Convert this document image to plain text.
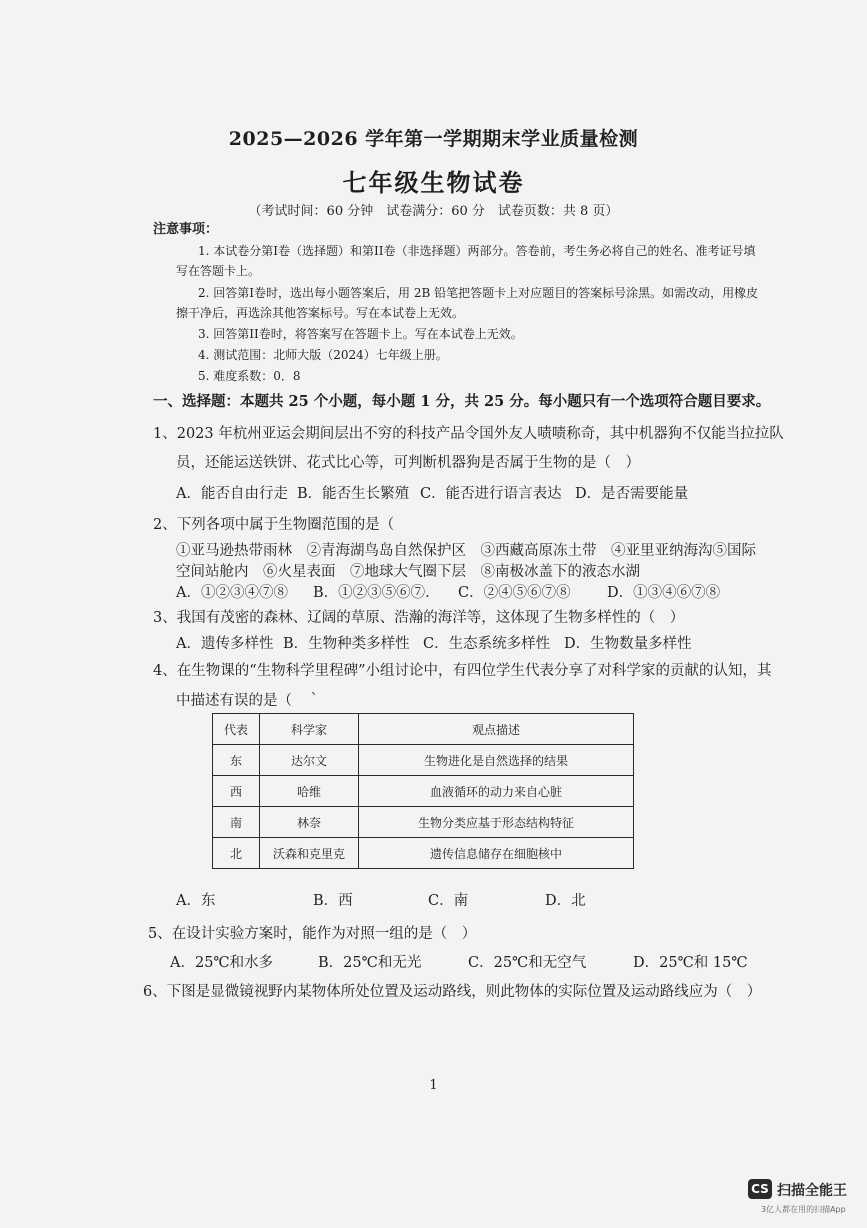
2025—2026 学年第一学期期末学业质量检测
七年级生物试卷
（考试时间：60 分钟　试卷满分：60 分　试卷页数：共 8 页）
注意事项：
1. 本试卷分第I卷（选择题）和第II卷（非选择题）两部分。答卷前，考生务必将自己的姓名、准考证号填
写在答题卡上。
2. 回答第I卷时，选出每小题答案后，用 2B 铅笔把答题卡上对应题目的答案标号涂黑。如需改动，用橡皮
擦干净后，再选涂其他答案标号。写在本试卷上无效。
3. 回答第II卷时，将答案写在答题卡上。写在本试卷上无效。
4. 测试范围：北师大版（2024）七年级上册。
5. 难度系数：0．8
一、选择题：本题共 25 个小题，每小题 1 分，共 25 分。每小题只有一个选项符合题目要求。
1、2023 年杭州亚运会期间层出不穷的科技产品令国外友人啧啧称奇，其中机器狗不仅能当拉拉队
员，还能运送铁饼、花式比心等，可判断机器狗是否属于生物的是（　）
A．能否自由行走 B．能否生长繁殖 C．能否进行语言表达 D．是否需要能量
2、下列各项中属于生物圈范围的是（
①亚马逊热带雨林　②青海湖鸟岛自然保护区　③西藏高原冻土带　④亚里亚纳海沟⑤国际
空间站舱内　⑥火星表面　⑦地球大气圈下层　⑧南极冰盖下的液态水湖
A．①②③④⑦⑧ B．①②③⑤⑥⑦． C．②④⑤⑥⑦⑧	D．①③④⑥⑦⑧
3、我国有茂密的森林、辽阔的草原、浩瀚的海洋等，这体现了生物多样性的（　）
A．遗传多样性 B．生物种类多样性 C．生态系统多样性 D．生物数量多样性
4、在生物课的“生物科学里程碑”小组讨论中，有四位学生代表分享了对科学家的贡献的认知，其
中描述有误的是（　｀
代表	科学家	观点描述
东	达尔文	生物进化是自然选择的结果
西	哈维	血液循环的动力来自心脏
南	林奈	生物分类应基于形态结构特征
北	沃森和克里克	遗传信息储存在细胞核中
A．东	B．西	C．南	D．北
5、在设计实验方案时，能作为对照一组的是（　）
A．25℃和水多	B．25℃和无光	C．25℃和无空气	D．25℃和 15℃
6、下图是显微镜视野内某物体所处位置及运动路线，则此物体的实际位置及运动路线应为（　）
1
CS 扫描全能王
3亿人都在用的扫描App
